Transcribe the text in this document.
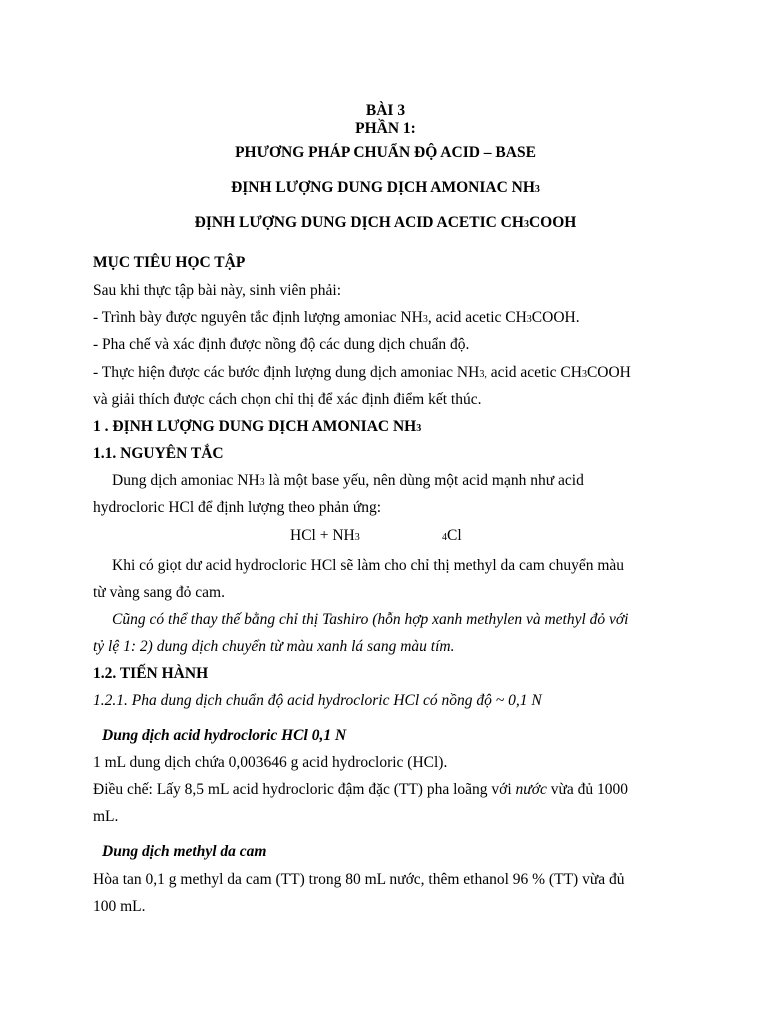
BÀI 3
PHẦN 1:
PHƯƠNG PHÁP CHUẨN ĐỘ ACID – BASE
ĐỊNH LƯỢNG DUNG DỊCH AMONIAC NH3
ĐỊNH LƯỢNG DUNG DỊCH ACID ACETIC CH3COOH
MỤC TIÊU HỌC TẬP
Sau khi thực tập bài này, sinh viên phải:
- Trình bày được nguyên tắc định lượng amoniac NH3, acid acetic CH3COOH.
- Pha chế và xác định được nồng độ các dung dịch chuẩn độ.
- Thực hiện được các bước định lượng dung dịch amoniac NH3, acid acetic CH3COOH
và giải thích được cách chọn chỉ thị để xác định điểm kết thúc.
1 . ĐỊNH LƯỢNG DUNG DỊCH AMONIAC NH3
1.1. NGUYÊN TẮC
Dung dịch amoniac NH3 là một base yếu, nên dùng một acid mạnh như acid
hydrocloric HCl để định lượng theo phản ứng:
HCl + NH3	4Cl
Khi có giọt dư acid hydrocloric HCl sẽ làm cho chỉ thị methyl da cam chuyển màu
từ vàng sang đỏ cam.
Cũng có thể thay thế bằng chỉ thị Tashiro (hỗn hợp xanh methylen và methyl đỏ với
tỷ lệ 1: 2) dung dịch chuyển từ màu xanh lá sang màu tím.
1.2. TIẾN HÀNH
1.2.1. Pha dung dịch chuẩn độ acid hydrocloric HCl có nồng độ ~ 0,1 N
Dung dịch acid hydrocloric HCl 0,1 N
1 mL dung dịch chứa 0,003646 g acid hydrocloric (HCl).
Điều chế: Lấy 8,5 mL acid hydrocloric đậm đặc (TT) pha loãng với nước vừa đủ 1000
mL.
Dung dịch methyl da cam
Hòa tan 0,1 g methyl da cam (TT) trong 80 mL nước, thêm ethanol 96 % (TT) vừa đủ
100 mL.
